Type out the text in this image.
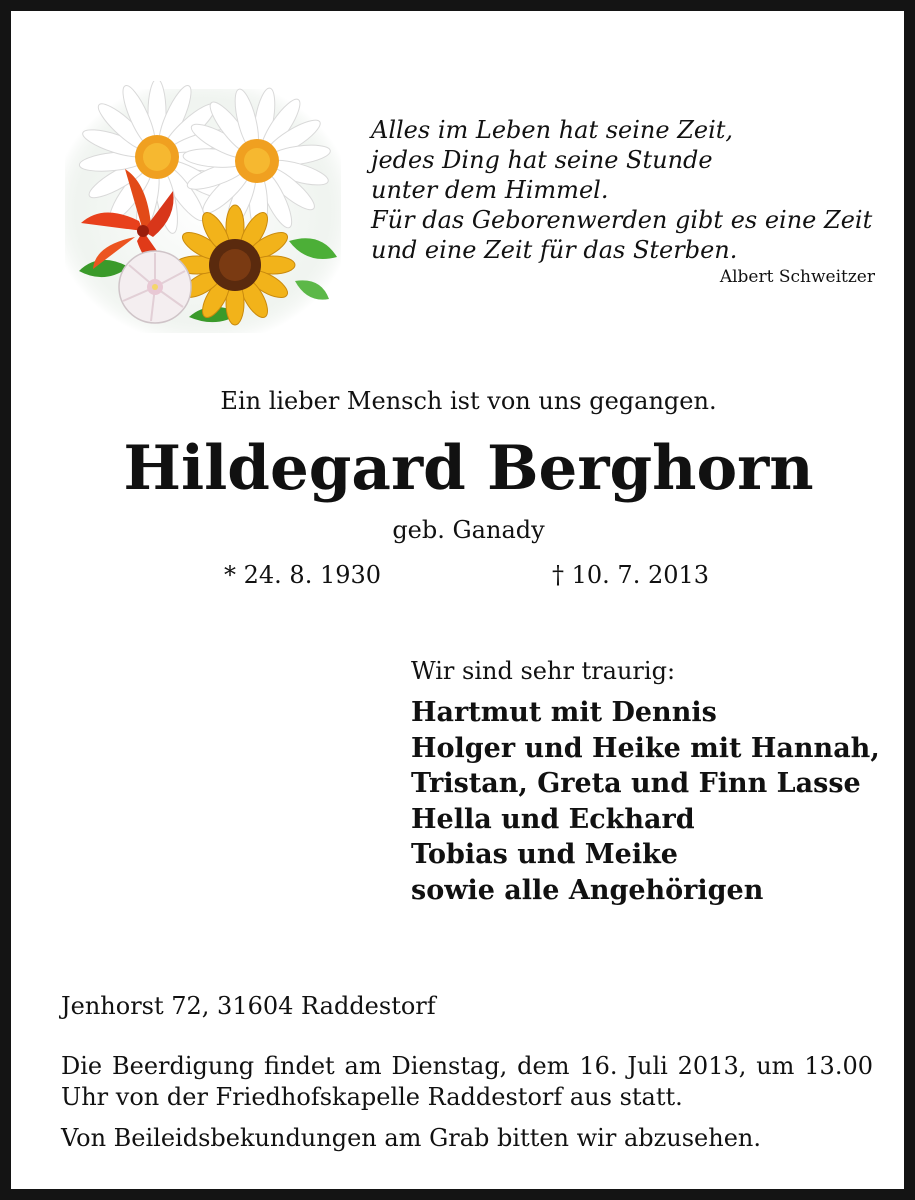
Alles im Leben hat seine Zeit,
jedes Ding hat seine Stunde
unter dem Himmel.
Für das Geborenwerden gibt es eine Zeit
und eine Zeit für das Sterben.
Albert Schweitzer
Ein lieber Mensch ist von uns gegangen.
Hildegard Berghorn
geb. Ganady
* 24. 8. 1930	† 10. 7. 2013
Wir sind sehr traurig:
Hartmut mit Dennis
Holger und Heike mit Hannah,
Tristan, Greta und Finn Lasse
Hella und Eckhard
Tobias und Meike
sowie alle Angehörigen
Jenhorst 72, 31604 Raddestorf

Die Beerdigung findet am Dienstag, dem 16. Juli 2013, um 13.00 Uhr von der Friedhofskapelle Raddestorf aus statt.

Von Beileidsbekundungen am Grab bitten wir abzusehen.
